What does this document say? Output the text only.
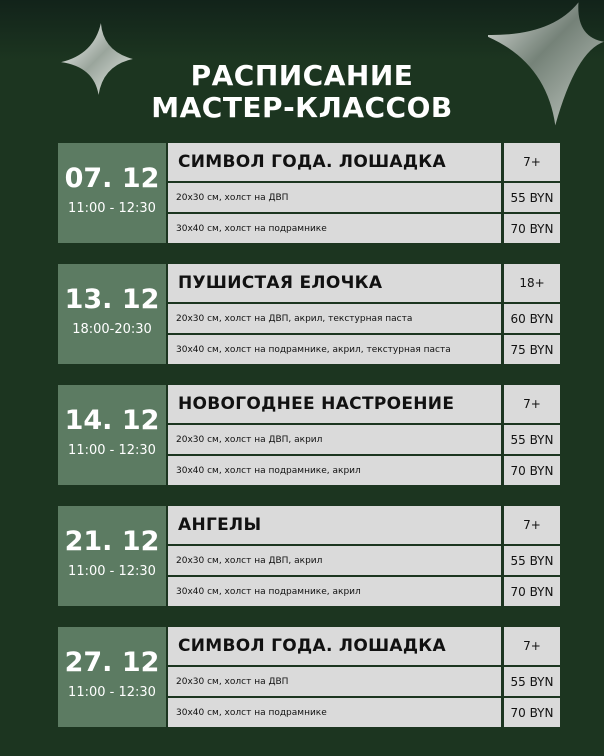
РАСПИСАНИЕ
МАСТЕР-КЛАССОВ
07. 12
11:00 - 12:30
СИМВОЛ ГОДА. ЛОШАДКА	7+
20х30 см, холст на ДВП	55 BYN
30х40 см, холст на подрамнике	70 BYN
13. 12
18:00-20:30
ПУШИСТАЯ ЕЛОЧКА	18+
20х30 см, холст на ДВП, акрил, текстурная паста	60 BYN
30х40 см, холст на подрамнике, акрил, текстурная паста	75 BYN
14. 12
11:00 - 12:30
НОВОГОДНЕЕ НАСТРОЕНИЕ	7+
20х30 см, холст на ДВП, акрил	55 BYN
30х40 см, холст на подрамнике, акрил	70 BYN
21. 12
11:00 - 12:30
АНГЕЛЫ	7+
20х30 см, холст на ДВП, акрил	55 BYN
30х40 см, холст на подрамнике, акрил	70 BYN
27. 12
11:00 - 12:30
СИМВОЛ ГОДА. ЛОШАДКА	7+
20х30 см, холст на ДВП	55 BYN
30х40 см, холст на подрамнике	70 BYN
